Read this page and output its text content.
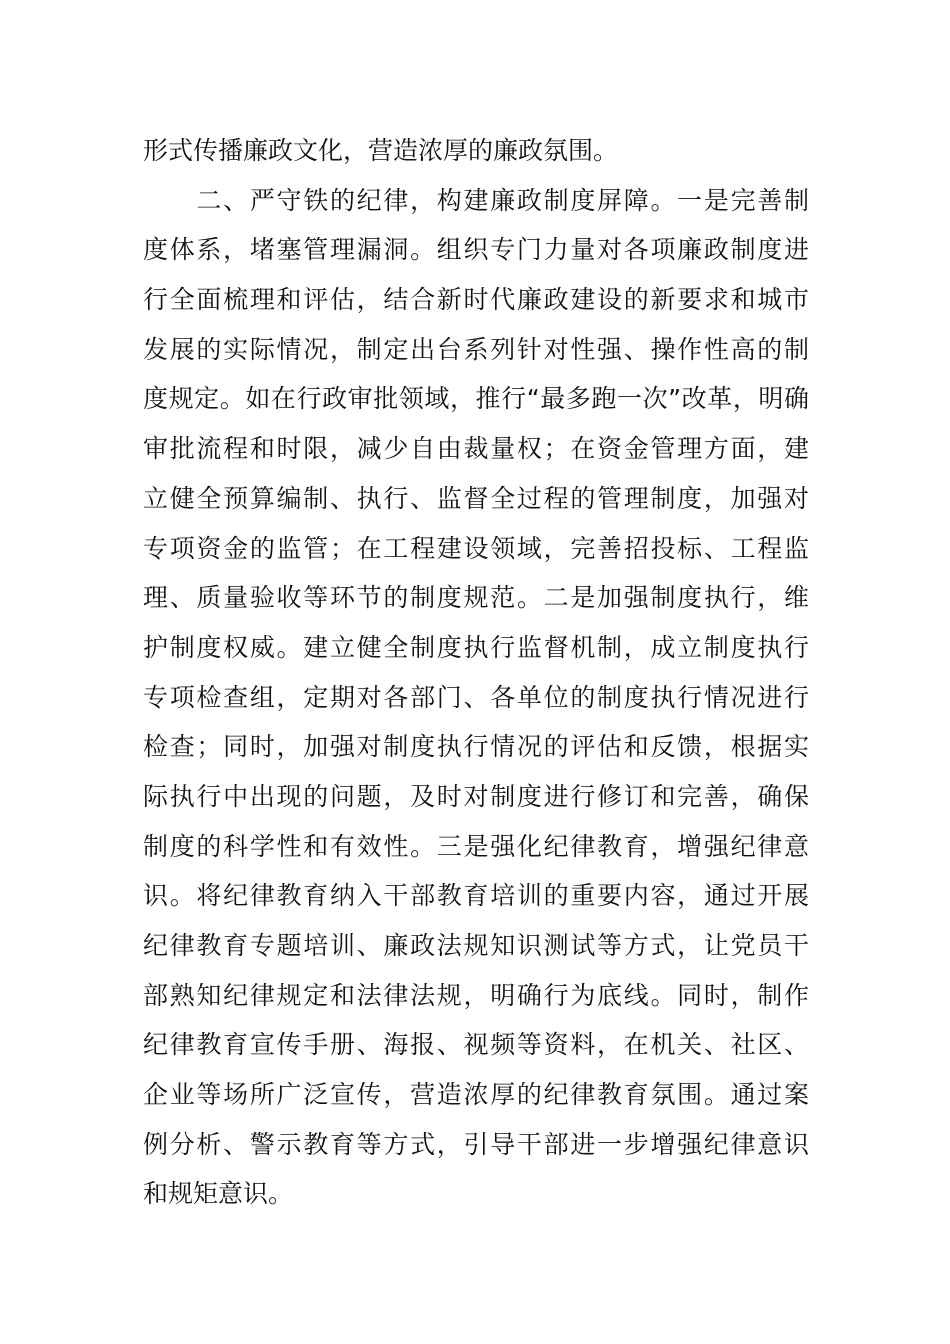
形式传播廉政文化，营造浓厚的廉政氛围。
　　二、严守铁的纪律，构建廉政制度屏障。一是完善制
度体系，堵塞管理漏洞。组织专门力量对各项廉政制度进
行全面梳理和评估，结合新时代廉政建设的新要求和城市
发展的实际情况，制定出台系列针对性强、操作性高的制
度规定。如在行政审批领域，推行“最多跑一次”改革，明确
审批流程和时限，减少自由裁量权；在资金管理方面，建
立健全预算编制、执行、监督全过程的管理制度，加强对
专项资金的监管；在工程建设领域，完善招投标、工程监
理、质量验收等环节的制度规范。二是加强制度执行，维
护制度权威。建立健全制度执行监督机制，成立制度执行
专项检查组，定期对各部门、各单位的制度执行情况进行
检查；同时，加强对制度执行情况的评估和反馈，根据实
际执行中出现的问题，及时对制度进行修订和完善，确保
制度的科学性和有效性。三是强化纪律教育，增强纪律意
识。将纪律教育纳入干部教育培训的重要内容，通过开展
纪律教育专题培训、廉政法规知识测试等方式，让党员干
部熟知纪律规定和法律法规，明确行为底线。同时，制作
纪律教育宣传手册、海报、视频等资料，在机关、社区、
企业等场所广泛宣传，营造浓厚的纪律教育氛围。通过案
例分析、警示教育等方式，引导干部进一步增强纪律意识
和规矩意识。
